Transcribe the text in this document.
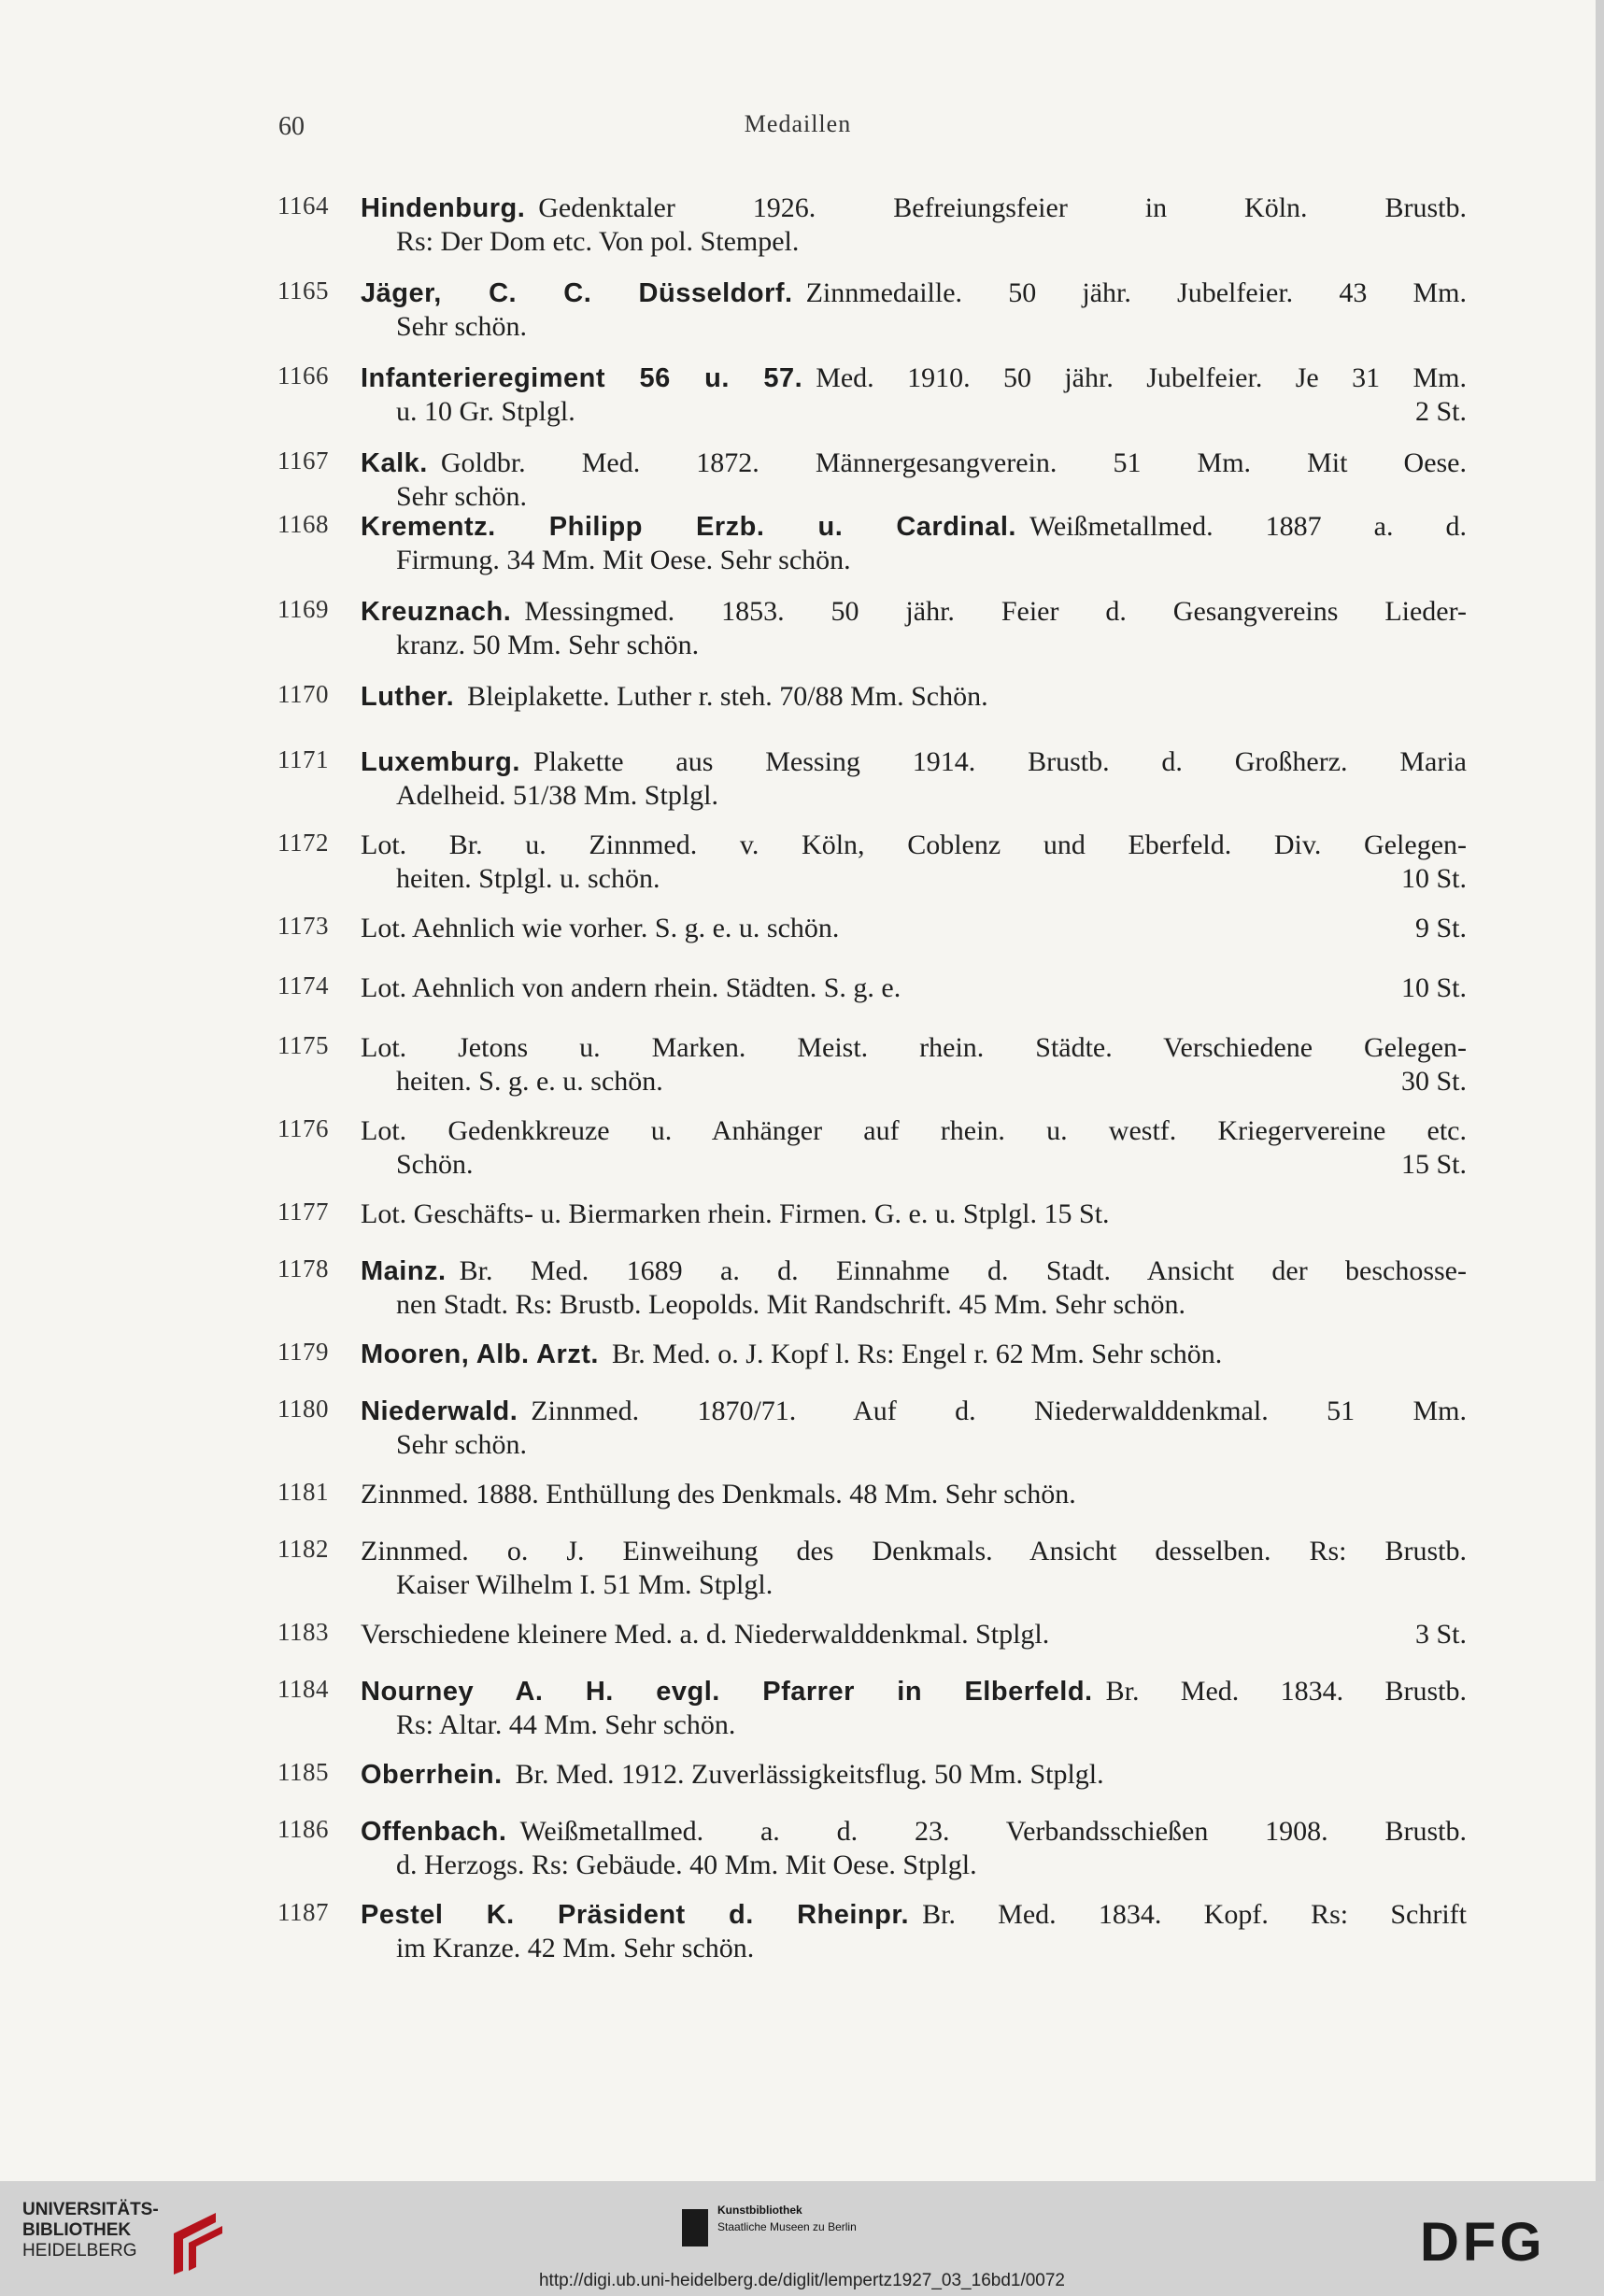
60	Medaillen
1164 Hindenburg. Gedenktaler 1926. Befreiungsfeier in Köln. Brustb.
Rs: Der Dom etc. Von pol. Stempel.
1165 Jäger, C. C. Düsseldorf. Zinnmedaille. 50 jähr. Jubelfeier. 43 Mm.
Sehr schön.
1166 Infanterieregiment 56 u. 57. Med. 1910. 50 jähr. Jubelfeier. Je 31 Mm.
u. 10 Gr. Stplgl.	2 St.
1167 Kalk. Goldbr. Med. 1872. Männergesangverein. 51 Mm. Mit Oese.
Sehr schön.
1168 Krementz. Philipp Erzb. u. Cardinal. Weißmetallmed. 1887 a. d.
Firmung. 34 Mm. Mit Oese. Sehr schön.
1169 Kreuznach. Messingmed. 1853. 50 jähr. Feier d. Gesangvereins Lieder-
kranz. 50 Mm. Sehr schön.
1170 Luther. Bleiplakette. Luther r. steh. 70/88 Mm. Schön.
1171 Luxemburg. Plakette aus Messing 1914. Brustb. d. Großherz. Maria
Adelheid. 51/38 Mm. Stplgl.
1172 Lot. Br. u. Zinnmed. v. Köln, Coblenz und Eberfeld. Div. Gelegen-
heiten. Stplgl. u. schön.	10 St.
1173 Lot. Aehnlich wie vorher. S. g. e. u. schön.	9 St.
1174 Lot. Aehnlich von andern rhein. Städten. S. g. e.	10 St.
1175 Lot. Jetons u. Marken. Meist. rhein. Städte. Verschiedene Gelegen-
heiten. S. g. e. u. schön.	30 St.
1176 Lot. Gedenkkreuze u. Anhänger auf rhein. u. westf. Kriegervereine etc.
Schön.	15 St.
1177 Lot. Geschäfts- u. Biermarken rhein. Firmen. G. e. u. Stplgl. 15 St.
1178 Mainz. Br. Med. 1689 a. d. Einnahme d. Stadt. Ansicht der beschosse-
nen Stadt. Rs: Brustb. Leopolds. Mit Randschrift. 45 Mm. Sehr schön.
1179 Mooren, Alb. Arzt. Br. Med. o. J. Kopf l. Rs: Engel r. 62 Mm. Sehr schön.
1180 Niederwald. Zinnmed. 1870/71. Auf d. Niederwalddenkmal. 51 Mm.
Sehr schön.
1181 Zinnmed. 1888. Enthüllung des Denkmals. 48 Mm. Sehr schön.
1182 Zinnmed. o. J. Einweihung des Denkmals. Ansicht desselben. Rs: Brustb.
Kaiser Wilhelm I. 51 Mm. Stplgl.
1183 Verschiedene kleinere Med. a. d. Niederwalddenkmal. Stplgl.	3 St.
1184 Nourney A. H. evgl. Pfarrer in Elberfeld. Br. Med. 1834. Brustb.
Rs: Altar. 44 Mm. Sehr schön.
1185 Oberrhein. Br. Med. 1912. Zuverlässigkeitsflug. 50 Mm. Stplgl.
1186 Offenbach. Weißmetallmed. a. d. 23. Verbandsschießen 1908. Brustb.
d. Herzogs. Rs: Gebäude. 40 Mm. Mit Oese. Stplgl.
1187 Pestel K. Präsident d. Rheinpr. Br. Med. 1834. Kopf. Rs: Schrift
im Kranze. 42 Mm. Sehr schön.
UNIVERSITÄTS-
BIBLIOTHEK
HEIDELBERG
Kunstbibliothek
Staatliche Museen zu Berlin	DFG
http://digi.ub.uni-heidelberg.de/diglit/lempertz1927_03_16bd1/0072
